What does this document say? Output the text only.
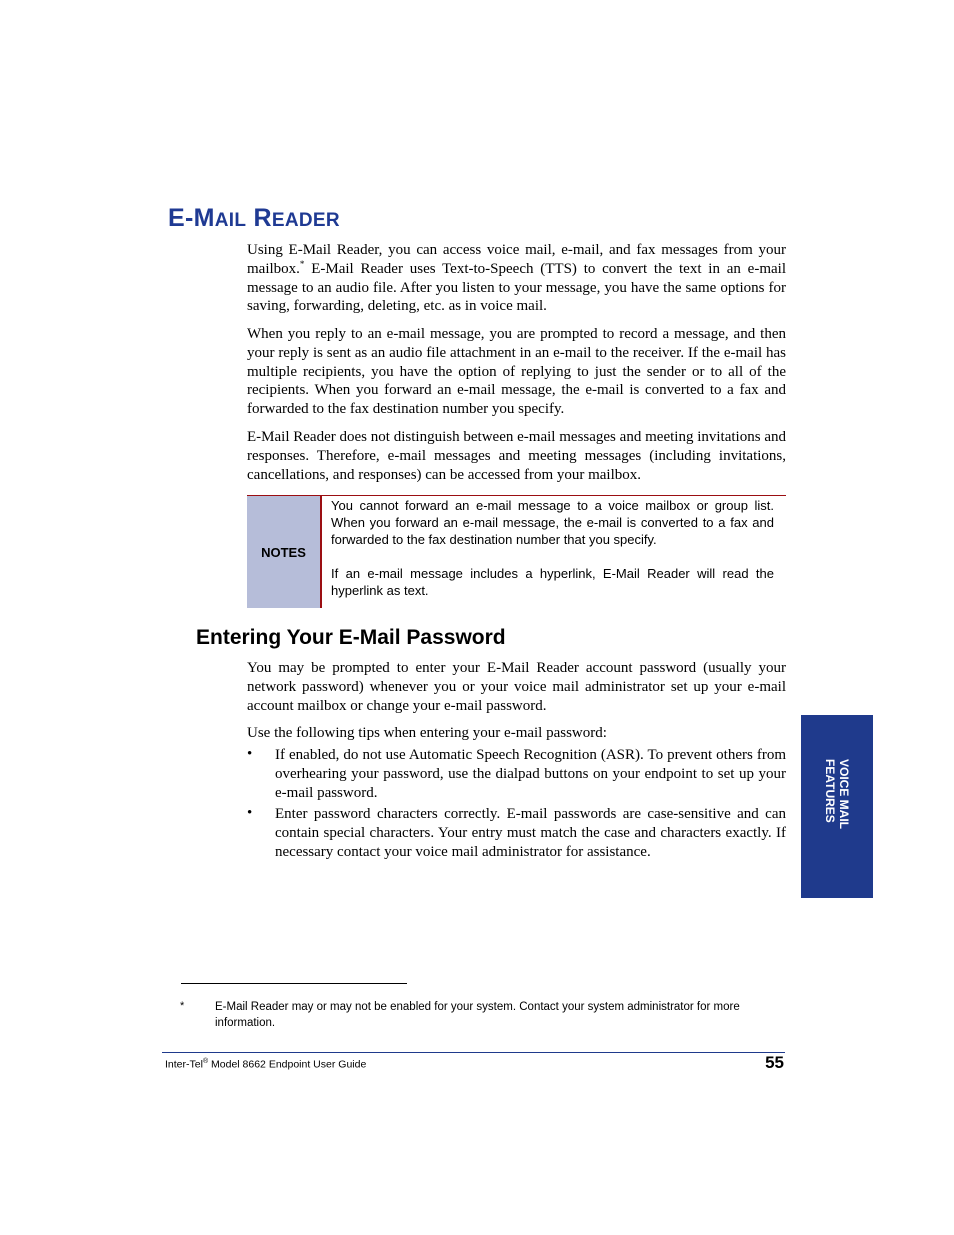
E-MAIL READER
Using E-Mail Reader, you can access voice mail, e-mail, and fax messages from your mailbox.* E-Mail Reader uses Text-to-Speech (TTS) to convert the text in an e-mail message to an audio file. After you listen to your message, you have the same options for saving, forwarding, deleting, etc. as in voice mail.
When you reply to an e-mail message, you are prompted to record a message, and then your reply is sent as an audio file attachment in an e-mail to the receiver. If the e-mail has multiple recipients, you have the option of replying to just the sender or to all of the recipients. When you forward an e-mail message, the e-mail is converted to a fax and forwarded to the fax destination number you specify.
E-Mail Reader does not distinguish between e-mail messages and meeting invitations and responses. Therefore, e-mail messages and meeting messages (including invitations, cancellations, and responses) can be accessed from your mailbox.
NOTES
You cannot forward an e-mail message to a voice mailbox or group list. When you forward an e-mail message, the e-mail is converted to a fax and forwarded to the fax destination number that you specify.
If an e-mail message includes a hyperlink, E-Mail Reader will read the hyperlink as text.
Entering Your E-Mail Password
You may be prompted to enter your E-Mail Reader account password (usually your network password) whenever you or your voice mail administrator set up your e-mail account mailbox or change your e-mail password.
Use the following tips when entering your e-mail password:
• If enabled, do not use Automatic Speech Recognition (ASR). To prevent others from overhearing your password, use the dialpad buttons on your endpoint to set up your e-mail password.
• Enter password characters correctly. E-mail passwords are case-sensitive and can contain special characters. Your entry must match the case and characters exactly. If necessary contact your voice mail administrator for assistance.
VOICE MAIL
FEATURES
*	E-Mail Reader may or may not be enabled for your system. Contact your system administrator for more information.
Inter-Tel® Model 8662 Endpoint User Guide	55
